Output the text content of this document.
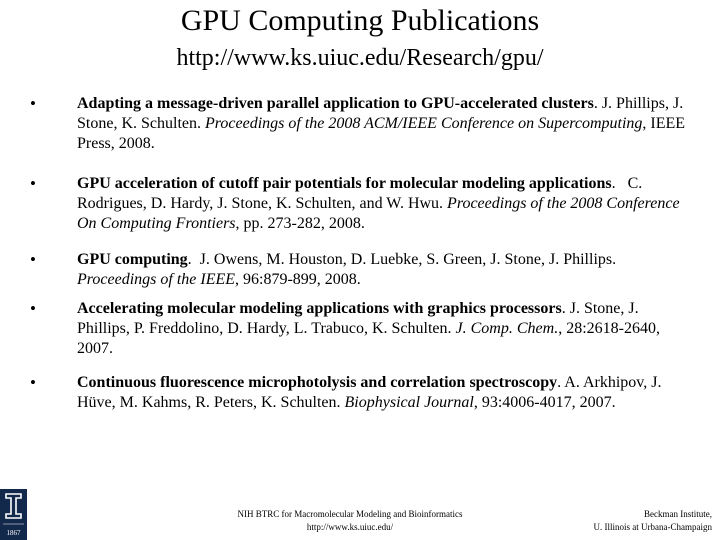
GPU Computing Publications
http://www.ks.uiuc.edu/Research/gpu/
•	Adapting a message-driven parallel application to GPU-accelerated clusters. J. Phillips, J. Stone, K. Schulten. Proceedings of the 2008 ACM/IEEE Conference on Supercomputing, IEEE Press, 2008.
•	GPU acceleration of cutoff pair potentials for molecular modeling applications. C. Rodrigues, D. Hardy, J. Stone, K. Schulten, and W. Hwu. Proceedings of the 2008 Conference On Computing Frontiers, pp. 273-282, 2008.
•	GPU computing. J. Owens, M. Houston, D. Luebke, S. Green, J. Stone, J. Phillips. Proceedings of the IEEE, 96:879-899, 2008.
•	Accelerating molecular modeling applications with graphics processors. J. Stone, J. Phillips, P. Freddolino, D. Hardy, L. Trabuco, K. Schulten. J. Comp. Chem., 28:2618-2640, 2007.
•	Continuous fluorescence microphotolysis and correlation spectroscopy. A. Arkhipov, J. Hüve, M. Kahms, R. Peters, K. Schulten. Biophysical Journal, 93:4006-4017, 2007.
1867
NIH BTRC for Macromolecular Modeling and Bioinformatics
http://www.ks.uiuc.edu/
Beckman Institute,
U. Illinois at Urbana-Champaign
